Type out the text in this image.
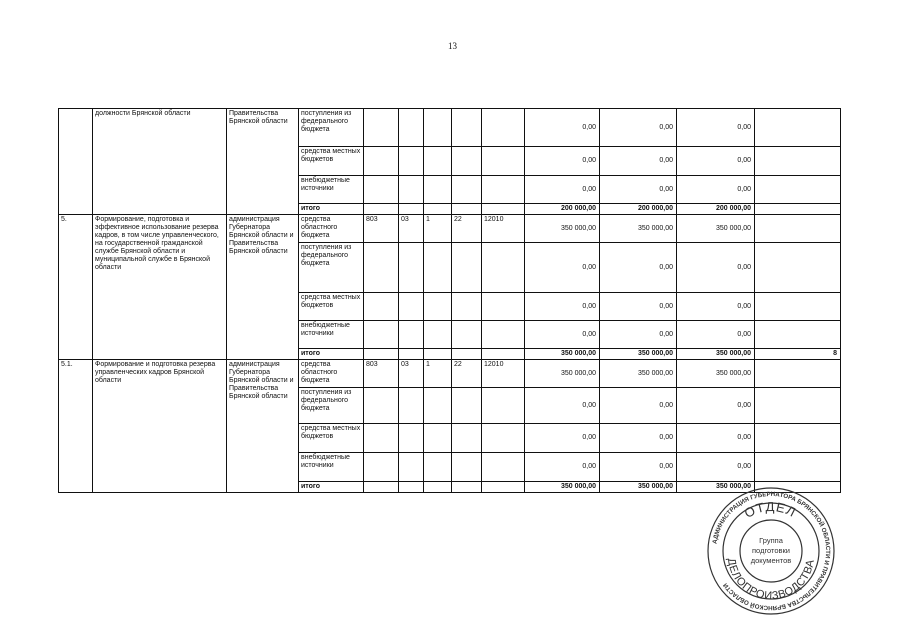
13
	должности Брянской области	Правительства Брянской области	поступления из федерального бюджета						0,00	0,00	0,00	
			средства местных бюджетов						0,00	0,00	0,00	
			внебюджетные источники						0,00	0,00	0,00	
			итого						200 000,00	200 000,00	200 000,00	
5.	Формирование, подготовка и эффективное использование резерва кадров, в том числе управленческого, на государственной гражданской службе Брянской области и муниципальной службе в Брянской области	администрация Губернатора Брянской области и Правительства Брянской области	средства областного бюджета	803	03	1	22	12010	350 000,00	350 000,00	350 000,00	
			поступления из федерального бюджета						0,00	0,00	0,00	
			средства местных бюджетов						0,00	0,00	0,00	
			внебюджетные источники						0,00	0,00	0,00	
			итого						350 000,00	350 000,00	350 000,00	8
5.1.	Формирование и подготовка резерва управленческих кадров Брянской области	администрация Губернатора Брянской области и Правительства Брянской области	средства областного бюджета	803	03	1	22	12010	350 000,00	350 000,00	350 000,00	
			поступления из федерального бюджета						0,00	0,00	0,00	
			средства местных бюджетов						0,00	0,00	0,00	
			внебюджетные источники						0,00	0,00	0,00	
			итого						350 000,00	350 000,00	350 000,00	
АДМИНИСТРАЦИЯ ГУБЕРНАТОРА БРЯНСКОЙ ОБЛАСТИ И ПРАВИТЕЛЬСТВА БРЯНСКОЙ ОБЛАСТИ
ОТДЕЛ
ДЕЛОПРОИЗВОДСТВА
Группа
подготовки
документов
